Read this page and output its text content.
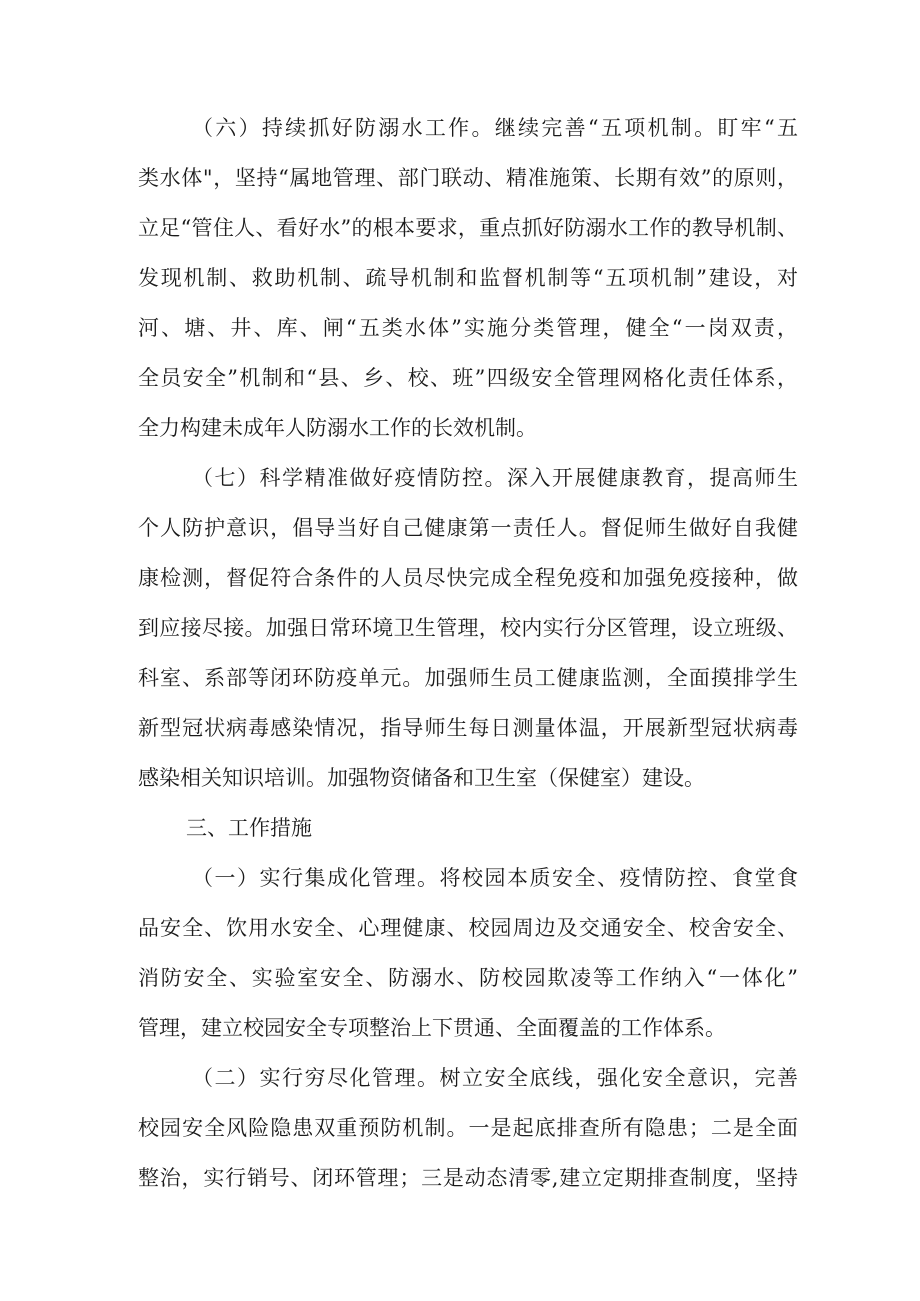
（六）持续抓好防溺水工作。继续完善“五项机制。盯牢“五
类水体"，坚持“属地管理、部门联动、精准施策、长期有效”的原则，
立足“管住人、看好水”的根本要求，重点抓好防溺水工作的教导机制、
发现机制、救助机制、疏导机制和监督机制等“五项机制”建设，对
河、塘、井、库、闸“五类水体”实施分类管理，健全“一岗双责，
全员安全”机制和“县、乡、校、班”四级安全管理网格化责任体系，
全力构建未成年人防溺水工作的长效机制。
（七）科学精准做好疫情防控。深入开展健康教育，提高师生
个人防护意识，倡导当好自己健康第一责任人。督促师生做好自我健
康检测，督促符合条件的人员尽快完成全程免疫和加强免疫接种，做
到应接尽接。加强日常环境卫生管理，校内实行分区管理，设立班级、
科室、系部等闭环防疫单元。加强师生员工健康监测，全面摸排学生
新型冠状病毒感染情况，指导师生每日测量体温，开展新型冠状病毒
感染相关知识培训。加强物资储备和卫生室（保健室）建设。
三、工作措施
（一）实行集成化管理。将校园本质安全、疫情防控、食堂食
品安全、饮用水安全、心理健康、校园周边及交通安全、校舍安全、
消防安全、实验室安全、防溺水、防校园欺凌等工作纳入“一体化”
管理，建立校园安全专项整治上下贯通、全面覆盖的工作体系。
（二）实行穷尽化管理。树立安全底线，强化安全意识，完善
校园安全风险隐患双重预防机制。一是起底排查所有隐患；二是全面
整治，实行销号、闭环管理；三是动态清零,建立定期排查制度，坚持
